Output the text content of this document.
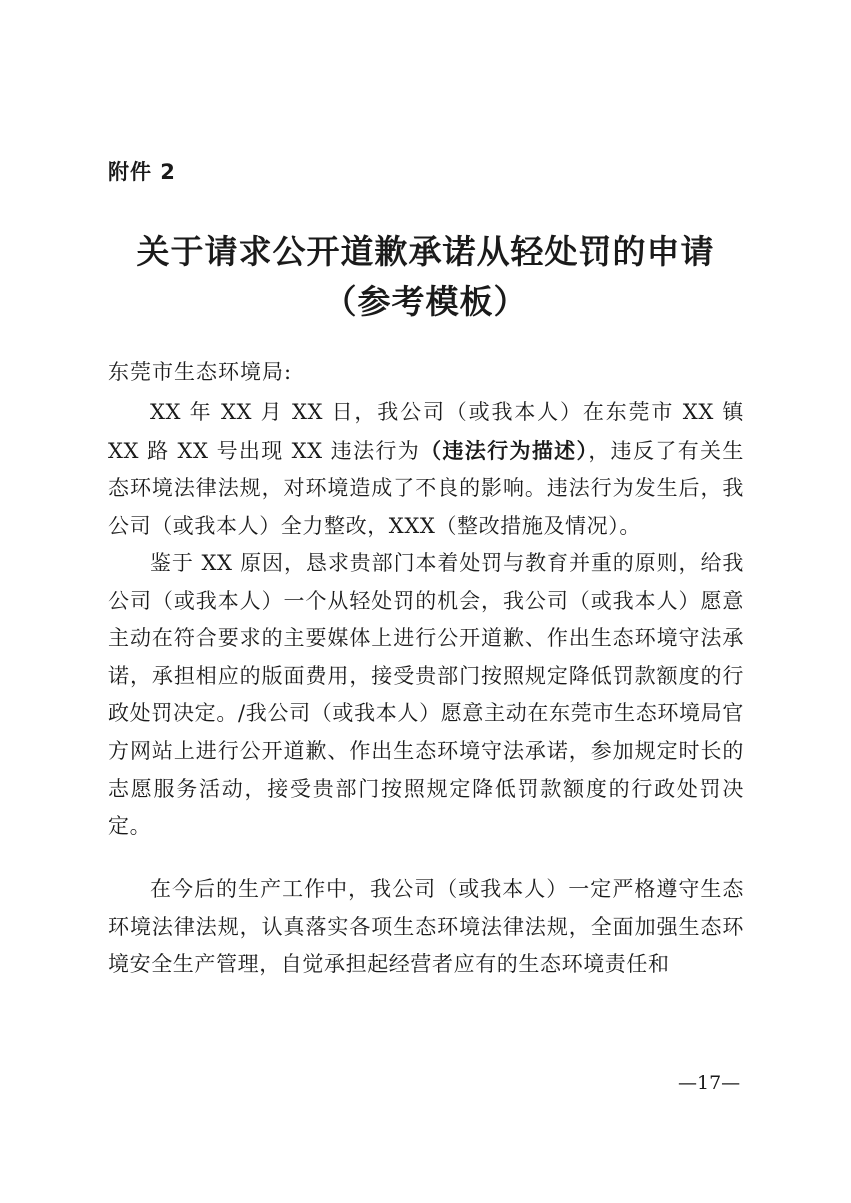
附件 2
关于请求公开道歉承诺从轻处罚的申请
（参考模板）
东莞市生态环境局:
XX 年 XX 月 XX 日，我公司（或我本人）在东莞市 XX 镇 XX 路 XX 号出现 XX 违法行为（违法行为描述），违反了有关生态环境法律法规，对环境造成了不良的影响。违法行为发生后，我公司（或我本人）全力整改，XXX（整改措施及情况）。
鉴于 XX 原因，恳求贵部门本着处罚与教育并重的原则，给我公司（或我本人）一个从轻处罚的机会，我公司（或我本人）愿意主动在符合要求的主要媒体上进行公开道歉、作出生态环境守法承诺，承担相应的版面费用，接受贵部门按照规定降低罚款额度的行政处罚决定。/我公司（或我本人）愿意主动在东莞市生态环境局官方网站上进行公开道歉、作出生态环境守法承诺，参加规定时长的志愿服务活动，接受贵部门按照规定降低罚款额度的行政处罚决定。
在今后的生产工作中，我公司（或我本人）一定严格遵守生态环境法律法规，认真落实各项生态环境法律法规，全面加强生态环境安全生产管理，自觉承担起经营者应有的生态环境责任和
—17—
